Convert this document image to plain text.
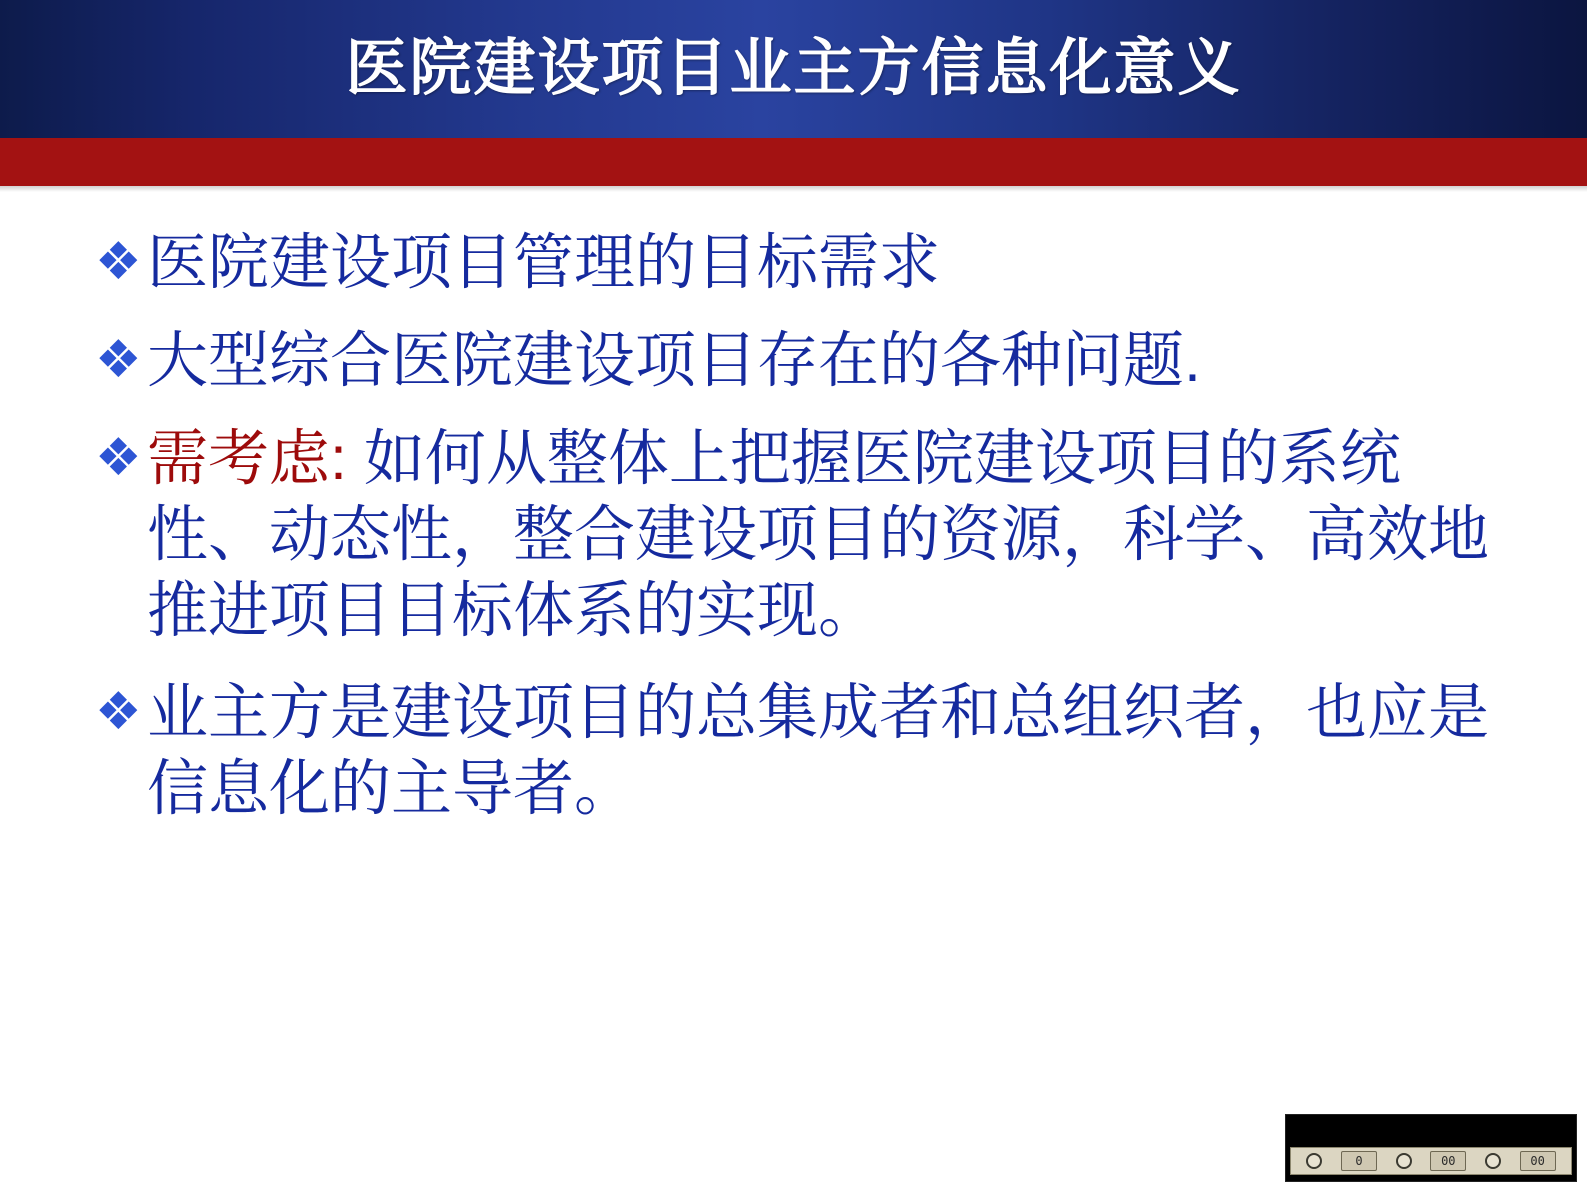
医院建设项目业主方信息化意义
❖ 医院建设项目管理的目标需求
❖ 大型综合医院建设项目存在的各种问题.
❖ 需考虑: 如何从整体上把握医院建设项目的系统性、动态性，整合建设项目的资源，科学、高效地推进项目目标体系的实现。
❖ 业主方是建设项目的总集成者和总组织者，也应是信息化的主导者。
0	00	00
